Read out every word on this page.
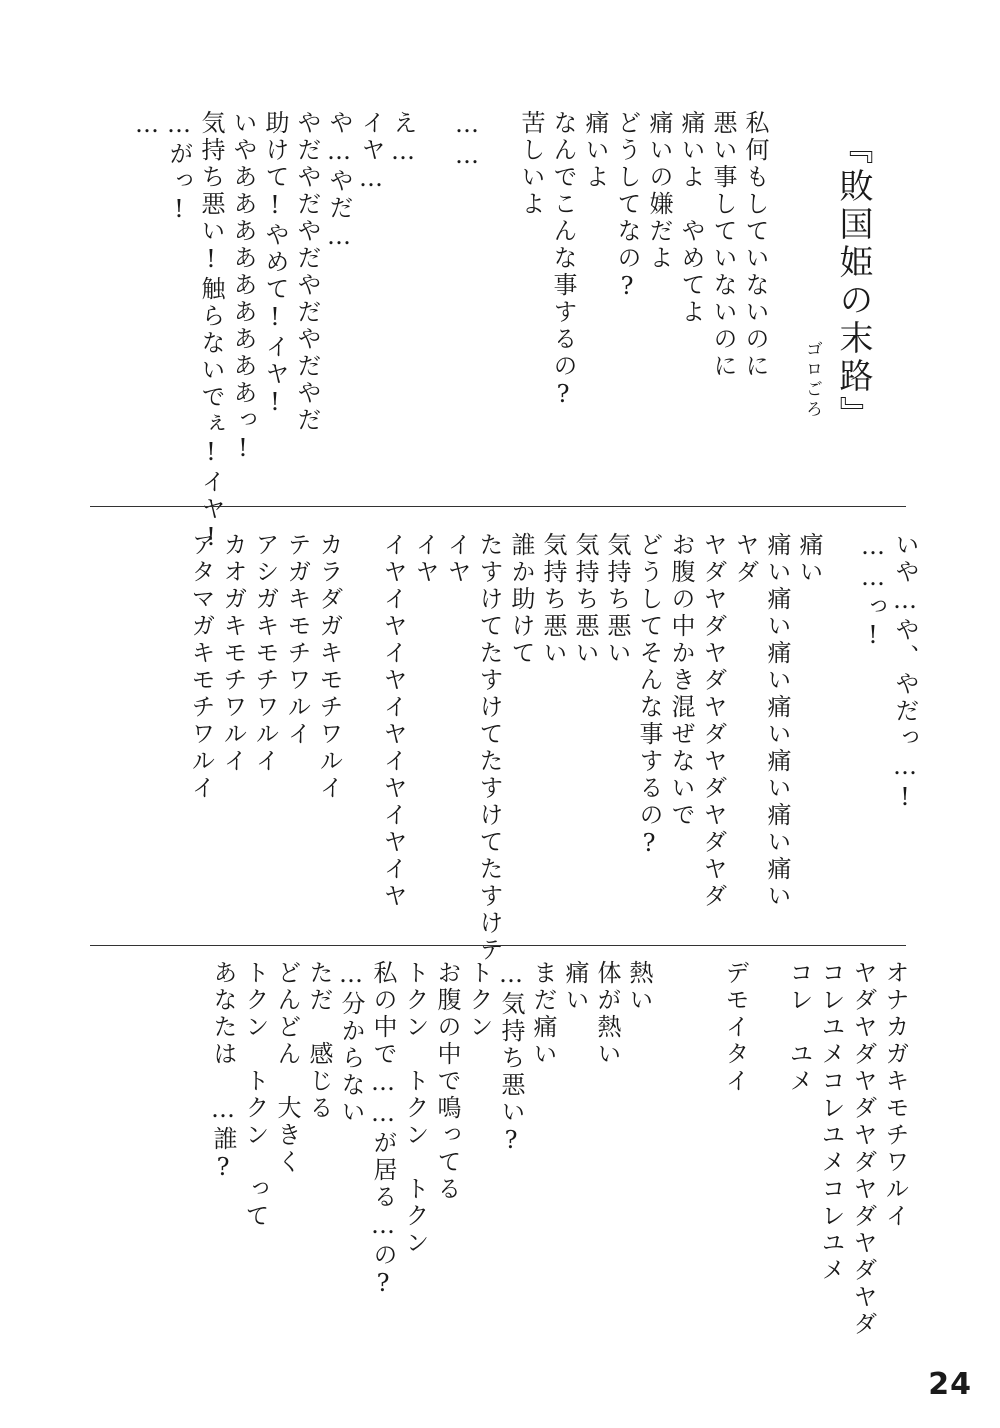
『敗国姫の末路』
ゴロごろ
私何もしていないのに
悪い事していないのに
痛いよ　やめてよ
痛いの嫌だよ
どうしてなの?
痛いよ
なんでこんな事するの?
苦しいよ
……
え…
イヤ…
や…やだ…
やだやだやだやだやだやだ
助けて!やめて!イヤ!
いやあああああああああっ!
気持ち悪い!触らないでぇ!イヤ!
…がっ!
…
いや…や、やだっ…!
……っ!
痛い
痛い痛い痛い痛い痛い痛い痛い
ヤダ
ヤダヤダヤダヤダヤダヤダヤダ
お腹の中かき混ぜないで
どうしてそんな事するの?
気持ち悪い
気持ち悪い
気持ち悪い
誰か助けて
たすけてたすけてたすけてたすけテ
イヤ
イヤ
イヤイヤイヤイヤイヤイヤイヤ
カラダガキモチワルイ
テガキモチワルイ
アシガキモチワルイ
カオガキモチワルイ
アタマガキモチワルイ
オナカガキモチワルイ
ヤダヤダヤダヤダヤダヤダヤダ
コレユメコレユメコレユメ
コレ　ユメ
デモイタイ
熱い
体が熱い
痛い
まだ痛い
…気持ち悪い?
トクン
お腹の中で鳴ってる
トクン　トクン　トクン
私の中で……が居る…の?
…分からない
ただ　感じる
どんどん　大きく
トクン　トクン　って
あなたは　…誰?
24
